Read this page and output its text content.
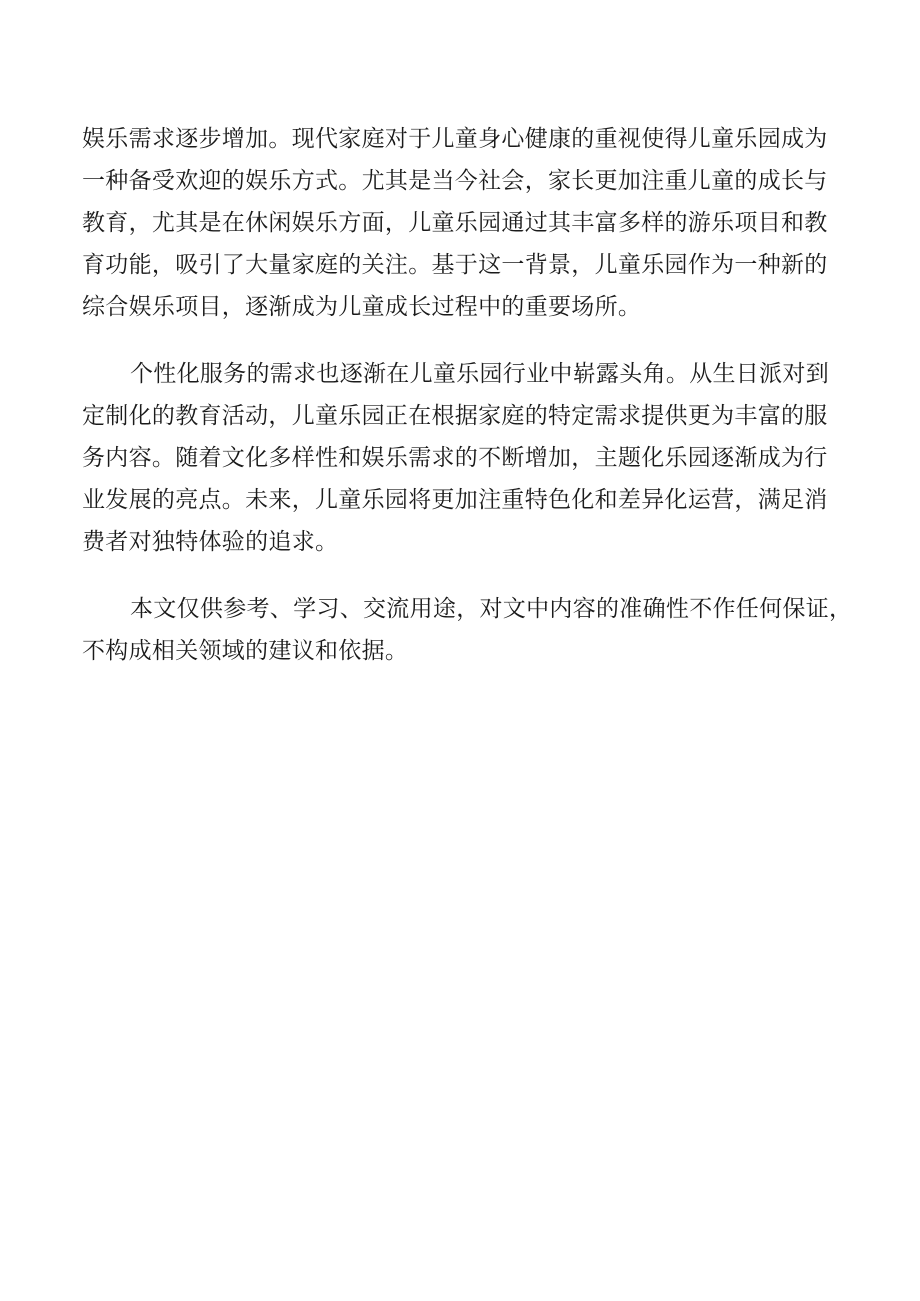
娱乐需求逐步增加。现代家庭对于儿童身心健康的重视使得儿童乐园成为
一种备受欢迎的娱乐方式。尤其是当今社会，家长更加注重儿童的成长与
教育，尤其是在休闲娱乐方面，儿童乐园通过其丰富多样的游乐项目和教
育功能，吸引了大量家庭的关注。基于这一背景，儿童乐园作为一种新的
综合娱乐项目，逐渐成为儿童成长过程中的重要场所。
个性化服务的需求也逐渐在儿童乐园行业中崭露头角。从生日派对到
定制化的教育活动，儿童乐园正在根据家庭的特定需求提供更为丰富的服
务内容。随着文化多样性和娱乐需求的不断增加，主题化乐园逐渐成为行
业发展的亮点。未来，儿童乐园将更加注重特色化和差异化运营，满足消
费者对独特体验的追求。
本文仅供参考、学习、交流用途，对文中内容的准确性不作任何保证，
不构成相关领域的建议和依据。
